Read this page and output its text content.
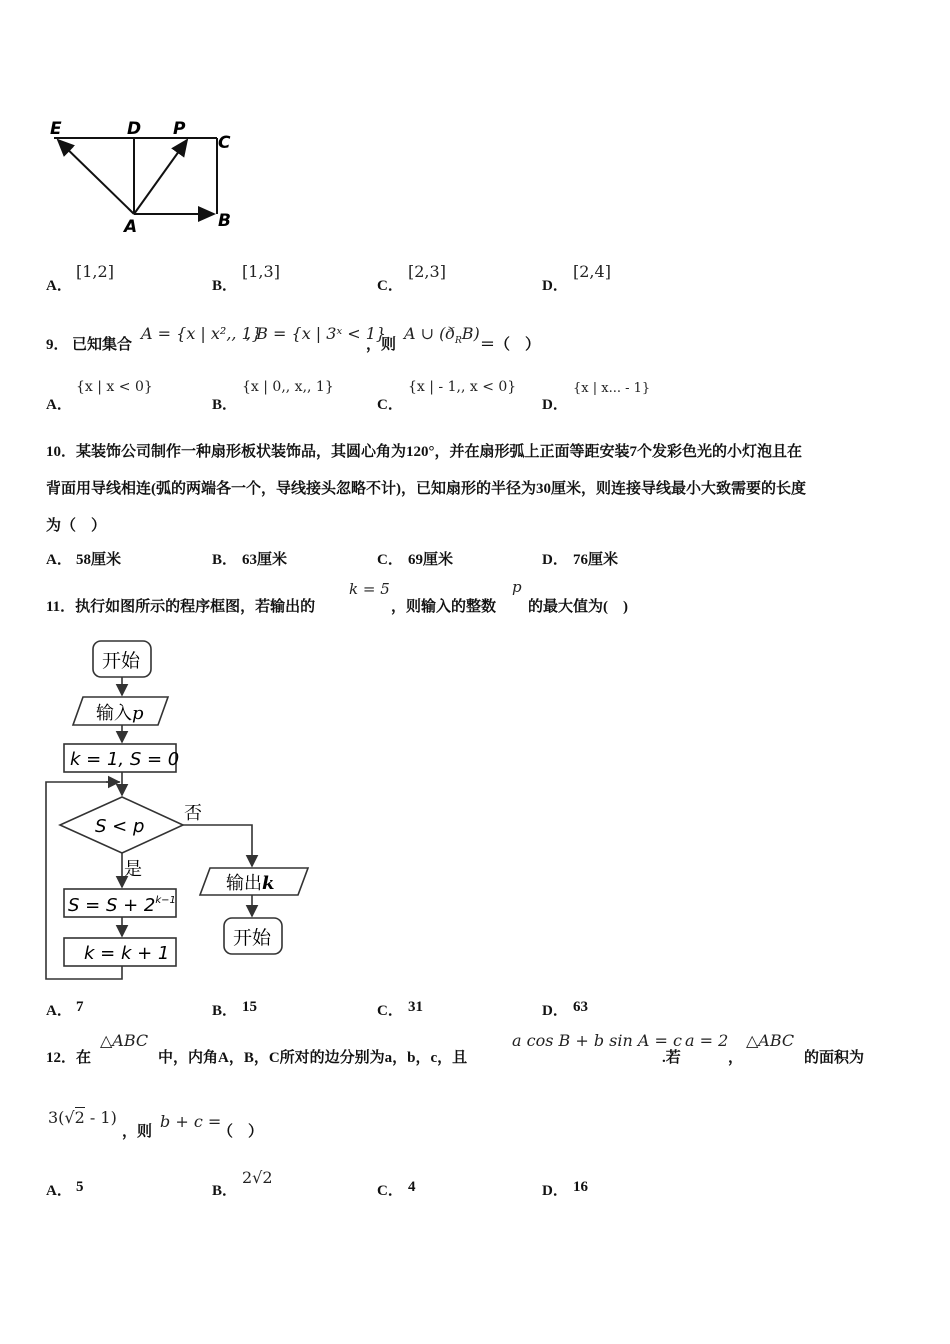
E	D P
C
A	B
A．
[1,2]
B．
[1,3]
C．
[2,3]
D．
[2,4]
9． 已知集合
A = {x | x²,, 1}
, B = {x | 3ˣ < 1}
，则
A ∪ $(ð_RB)$
＝（　）
A．
{x | x < 0}
B．
{x | 0,, x,, 1}
C．
{x | - 1,, x < 0}
D．
{x | x... - 1}
10．某装饰公司制作一种扇形板状装饰品，其圆心角为120°，并在扇形弧上正面等距安装7个发彩色光的小灯泡且在
背面用导线相连(弧的两端各一个，导线接头忽略不计)，已知扇形的半径为30厘米，则连接导线最小大致需要的长度
为（　）
A． 58厘米	B． 63厘米	C． 69厘米	D． 76厘米
11．执行如图所示的程序框图，若输出的
k = 5
，则输入的整数
p
的最大值为(　)
开始
输入p
k = 1, S = 0
S < p
否
是
$S = S + 2^{k-1}$
k = k + 1
输出k
开始
A． 7	B． 15	C． 31	D． 63
12．在
△ABC
中，内角A，B，C所对的边分别为a，b，c，且
a cos B + b sin A = c
.若
a = 2
，
△ABC
的面积为
3(√2 - 1)
，则
b + c =
（　）
A． 5	B．
2√2
C． 4	D． 16
